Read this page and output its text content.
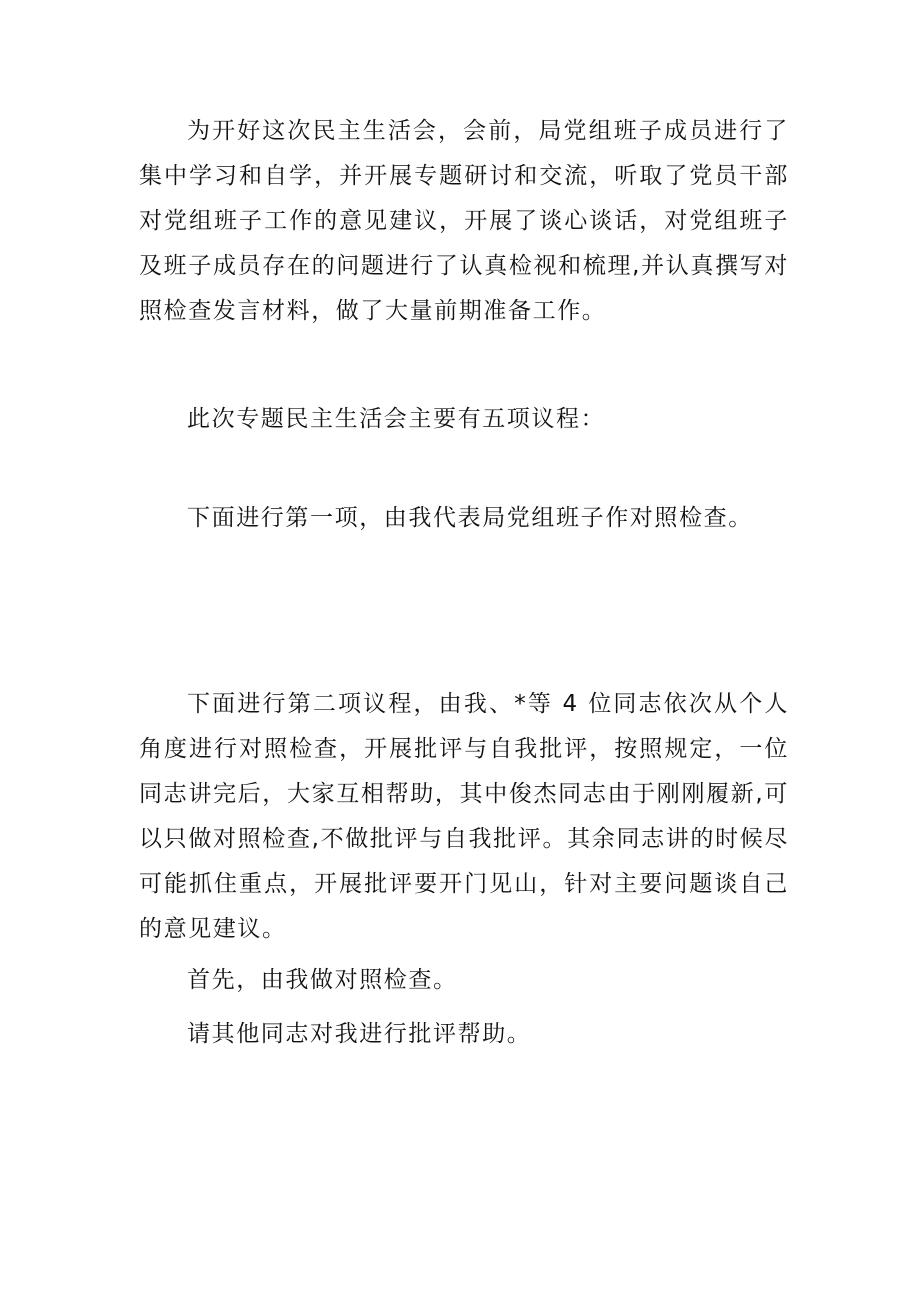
为开好这次民主生活会，会前，局党组班子成员进行了集中学习和自学，并开展专题研讨和交流，听取了党员干部对党组班子工作的意见建议，开展了谈心谈话，对党组班子及班子成员存在的问题进行了认真检视和梳理,并认真撰写对照检查发言材料，做了大量前期准备工作。

此次专题民主生活会主要有五项议程：

下面进行第一项，由我代表局党组班子作对照检查。

下面进行第二项议程，由我、*等 4 位同志依次从个人角度进行对照检查，开展批评与自我批评，按照规定，一位同志讲完后，大家互相帮助，其中俊杰同志由于刚刚履新,可以只做对照检查,不做批评与自我批评。其余同志讲的时候尽可能抓住重点，开展批评要开门见山，针对主要问题谈自己的意见建议。

首先，由我做对照检查。

请其他同志对我进行批评帮助。
